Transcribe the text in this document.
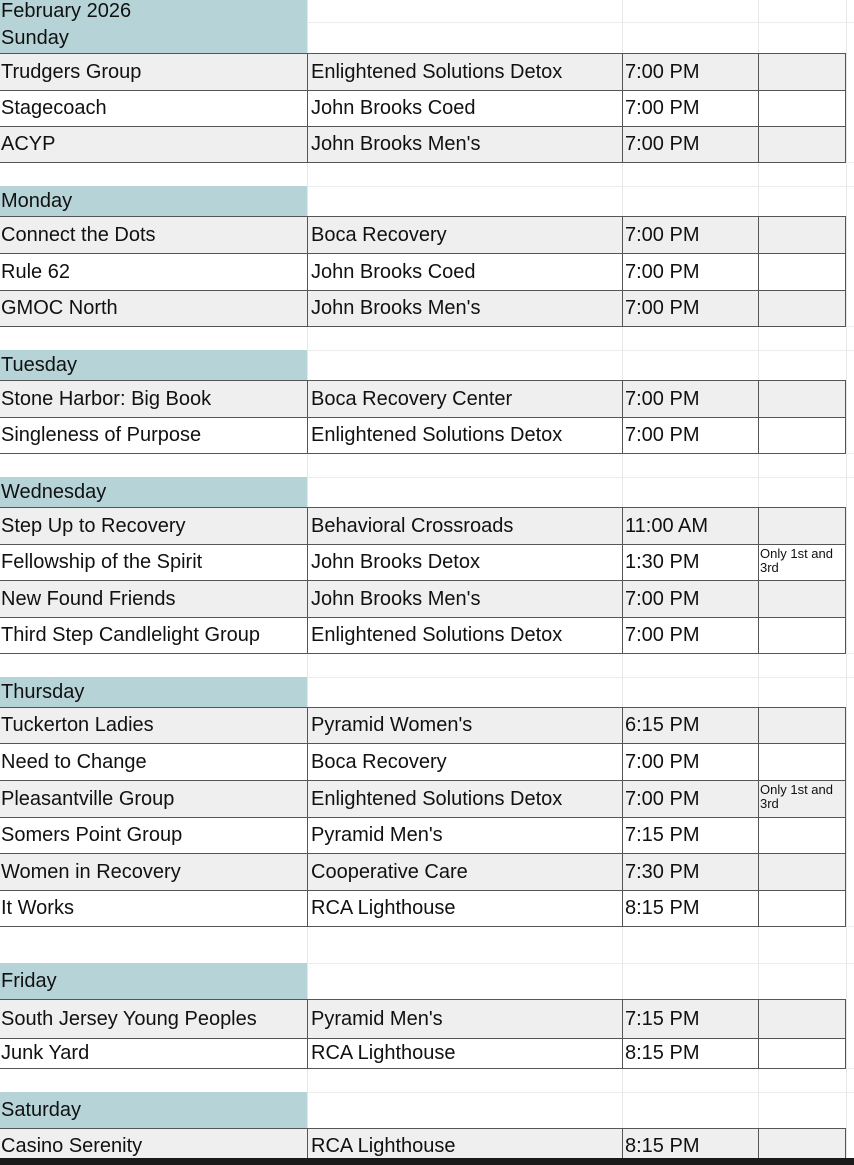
February 2026
Sunday
Trudgers Group	Enlightened Solutions Detox	7:00 PM
Stagecoach	John Brooks Coed	7:00 PM
ACYP	John Brooks Men's	7:00 PM
Monday
Connect the Dots	Boca Recovery	7:00 PM
Rule 62	John Brooks Coed	7:00 PM
GMOC North	John Brooks Men's	7:00 PM
Tuesday
Stone Harbor: Big Book	Boca Recovery Center	7:00 PM
Singleness of Purpose	Enlightened Solutions Detox	7:00 PM
Wednesday
Step Up to Recovery	Behavioral Crossroads	11:00 AM
Fellowship of the Spirit	John Brooks Detox	1:30 PM	Only 1st and 3rd
New Found Friends	John Brooks Men's	7:00 PM
Third Step Candlelight Group	Enlightened Solutions Detox	7:00 PM
Thursday
Tuckerton Ladies	Pyramid Women's	6:15 PM
Need to Change	Boca Recovery	7:00 PM
Pleasantville Group	Enlightened Solutions Detox	7:00 PM	Only 1st and 3rd
Somers Point Group	Pyramid Men's	7:15 PM
Women in Recovery	Cooperative Care	7:30 PM
It Works	RCA Lighthouse	8:15 PM
Friday
South Jersey Young Peoples	Pyramid Men's	7:15 PM
Junk Yard	RCA Lighthouse	8:15 PM
Saturday
Casino Serenity	RCA Lighthouse	8:15 PM
